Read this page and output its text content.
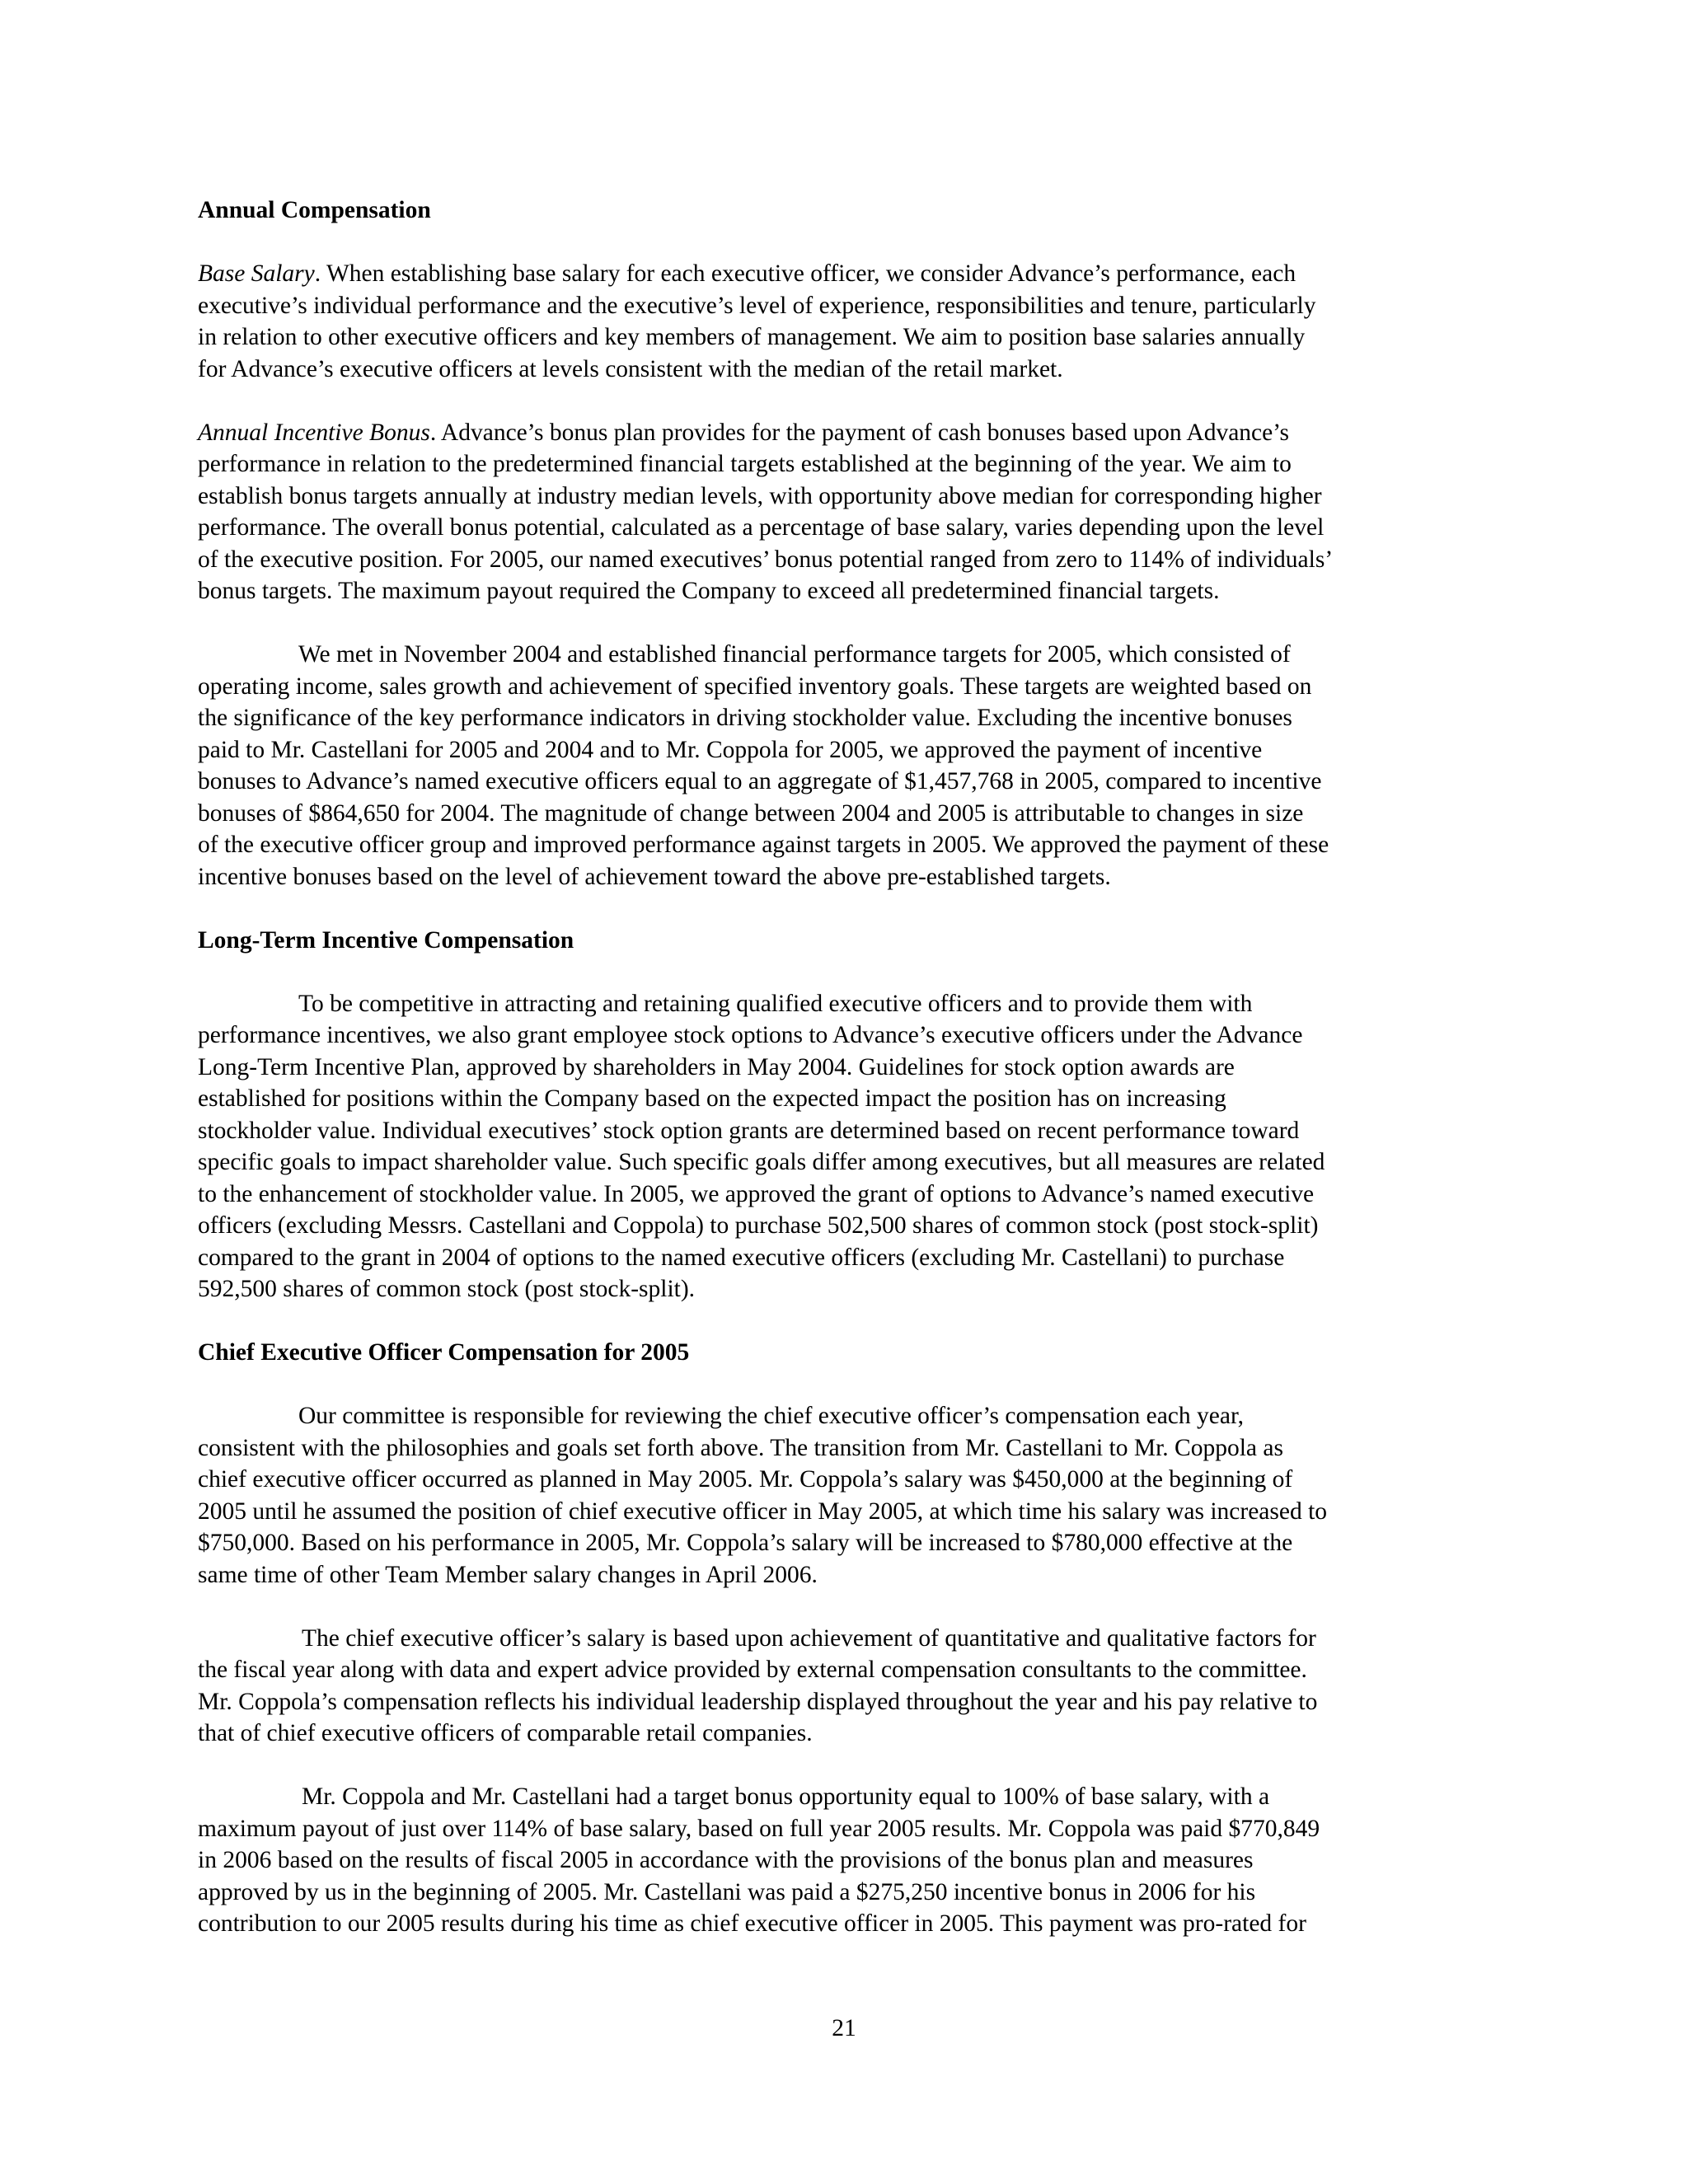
Annual Compensation

Base Salary. When establishing base salary for each executive officer, we consider Advance’s performance, each
executive’s individual performance and the executive’s level of experience, responsibilities and tenure, particularly
in relation to other executive officers and key members of management. We aim to position base salaries annually
for Advance’s executive officers at levels consistent with the median of the retail market.

Annual Incentive Bonus. Advance’s bonus plan provides for the payment of cash bonuses based upon Advance’s
performance in relation to the predetermined financial targets established at the beginning of the year. We aim to
establish bonus targets annually at industry median levels, with opportunity above median for corresponding higher
performance. The overall bonus potential, calculated as a percentage of base salary, varies depending upon the level
of the executive position. For 2005, our named executives’ bonus potential ranged from zero to 114% of individuals’
bonus targets. The maximum payout required the Company to exceed all predetermined financial targets.

We met in November 2004 and established financial performance targets for 2005, which consisted of
operating income, sales growth and achievement of specified inventory goals. These targets are weighted based on
the significance of the key performance indicators in driving stockholder value. Excluding the incentive bonuses
paid to Mr. Castellani for 2005 and 2004 and to Mr. Coppola for 2005, we approved the payment of incentive
bonuses to Advance’s named executive officers equal to an aggregate of $1,457,768 in 2005, compared to incentive
bonuses of $864,650 for 2004. The magnitude of change between 2004 and 2005 is attributable to changes in size
of the executive officer group and improved performance against targets in 2005. We approved the payment of these
incentive bonuses based on the level of achievement toward the above pre-established targets.

Long-Term Incentive Compensation

To be competitive in attracting and retaining qualified executive officers and to provide them with
performance incentives, we also grant employee stock options to Advance’s executive officers under the Advance
Long-Term Incentive Plan, approved by shareholders in May 2004. Guidelines for stock option awards are
established for positions within the Company based on the expected impact the position has on increasing
stockholder value. Individual executives’ stock option grants are determined based on recent performance toward
specific goals to impact shareholder value. Such specific goals differ among executives, but all measures are related
to the enhancement of stockholder value. In 2005, we approved the grant of options to Advance’s named executive
officers (excluding Messrs. Castellani and Coppola) to purchase 502,500 shares of common stock (post stock-split)
compared to the grant in 2004 of options to the named executive officers (excluding Mr. Castellani) to purchase
592,500 shares of common stock (post stock-split).

Chief Executive Officer Compensation for 2005

Our committee is responsible for reviewing the chief executive officer’s compensation each year,
consistent with the philosophies and goals set forth above. The transition from Mr. Castellani to Mr. Coppola as
chief executive officer occurred as planned in May 2005. Mr. Coppola’s salary was $450,000 at the beginning of
2005 until he assumed the position of chief executive officer in May 2005, at which time his salary was increased to
$750,000. Based on his performance in 2005, Mr. Coppola’s salary will be increased to $780,000 effective at the
same time of other Team Member salary changes in April 2006.

The chief executive officer’s salary is based upon achievement of quantitative and qualitative factors for
the fiscal year along with data and expert advice provided by external compensation consultants to the committee.
Mr. Coppola’s compensation reflects his individual leadership displayed throughout the year and his pay relative to
that of chief executive officers of comparable retail companies.

Mr. Coppola and Mr. Castellani had a target bonus opportunity equal to 100% of base salary, with a
maximum payout of just over 114% of base salary, based on full year 2005 results. Mr. Coppola was paid $770,849
in 2006 based on the results of fiscal 2005 in accordance with the provisions of the bonus plan and measures
approved by us in the beginning of 2005. Mr. Castellani was paid a $275,250 incentive bonus in 2006 for his
contribution to our 2005 results during his time as chief executive officer in 2005. This payment was pro-rated for

21
